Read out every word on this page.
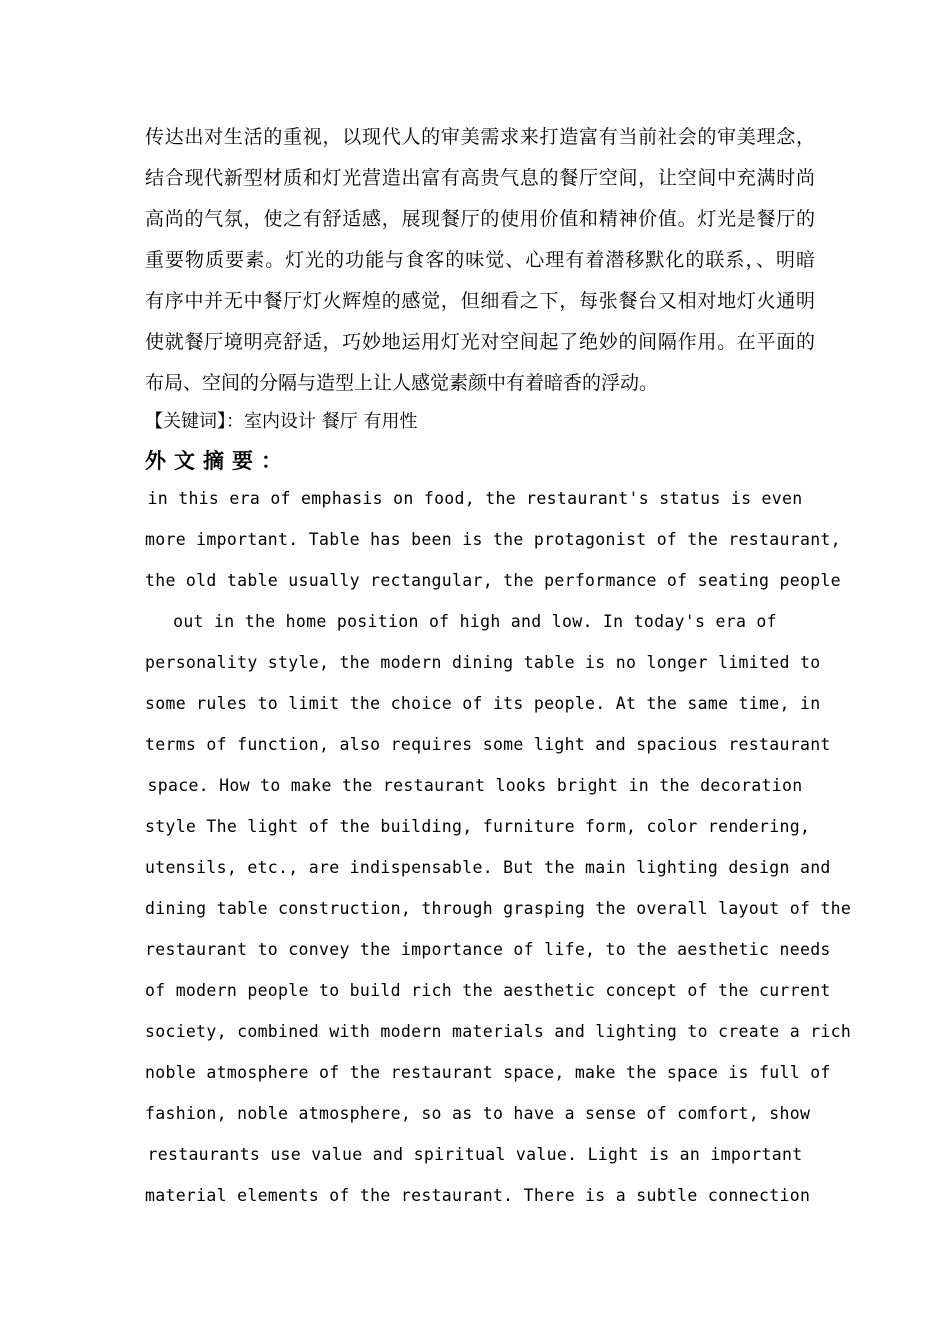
传达出对生活的重视，以现代人的审美需求来打造富有当前社会的审美理念，
结合现代新型材质和灯光营造出富有高贵气息的餐厅空间，让空间中充满时尚
高尚的气氛，使之有舒适感，展现餐厅的使用价值和精神价值。灯光是餐厅的
重要物质要素。灯光的功能与食客的味觉、心理有着潜移默化的联系，、明暗
有序中并无中餐厅灯火辉煌的感觉，但细看之下，每张餐台又相对地灯火通明
使就餐厅境明亮舒适，巧妙地运用灯光对空间起了绝妙的间隔作用。在平面的
布局、空间的分隔与造型上让人感觉素颜中有着暗香的浮动。
【关键词】：室内设计 餐厅 有用性
外文摘要：
in this era of emphasis on food, the restaurant's status is even
more important. Table has been is the protagonist of the restaurant,
the old table usually rectangular, the performance of seating people
out in the home position of high and low. In today's era of
personality style, the modern dining table is no longer limited to
some rules to limit the choice of its people. At the same time, in
terms of function, also requires some light and spacious restaurant
space. How to make the restaurant looks bright in the decoration
style The light of the building, furniture form, color rendering,
utensils, etc., are indispensable. But the main lighting design and
dining table construction, through grasping the overall layout of the
restaurant to convey the importance of life, to the aesthetic needs
of modern people to build rich the aesthetic concept of the current
society, combined with modern materials and lighting to create a rich
noble atmosphere of the restaurant space, make the space is full of
fashion, noble atmosphere, so as to have a sense of comfort, show
restaurants use value and spiritual value. Light is an important
material elements of the restaurant. There is a subtle connection
